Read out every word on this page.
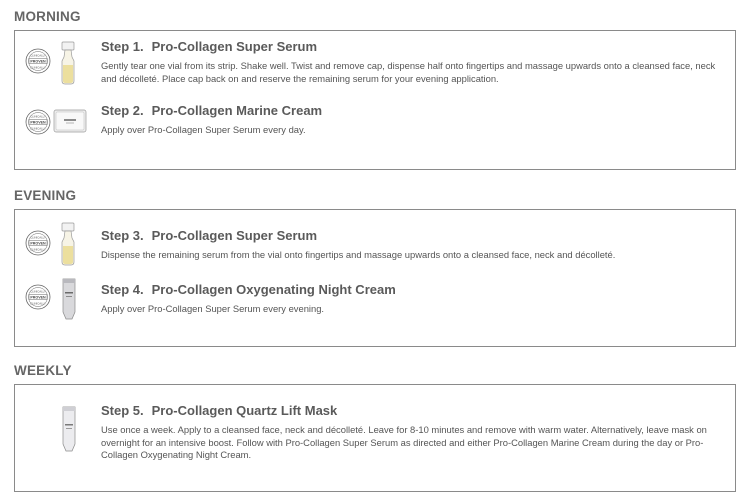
MORNING
PROVEN
CLINICALLY
CLINICALLY
Step 1. Pro-Collagen Super Serum
Gently tear one vial from its strip. Shake well. Twist and remove cap, dispense half onto fingertips and massage upwards onto a cleansed face, neck and décolleté. Place cap back on and reserve the remaining serum for your evening application.
PROVEN
CLINICALLY
CLINICALLY
Step 2. Pro-Collagen Marine Cream
Apply over Pro-Collagen Super Serum every day.
EVENING
PROVEN
CLINICALLY
CLINICALLY
Step 3. Pro-Collagen Super Serum
Dispense the remaining serum from the vial onto fingertips and massage upwards onto a cleansed face, neck and décolleté.
PROVEN
CLINICALLY
CLINICALLY
Step 4. Pro-Collagen Oxygenating Night Cream
Apply over Pro-Collagen Super Serum every evening.
WEEKLY
Step 5. Pro-Collagen Quartz Lift Mask
Use once a week. Apply to a cleansed face, neck and décolleté. Leave for 8-10 minutes and remove with warm water. Alternatively, leave mask on overnight for an intensive boost. Follow with Pro-Collagen Super Serum as directed and either Pro-Collagen Marine Cream during the day or Pro-Collagen Oxygenating Night Cream.
